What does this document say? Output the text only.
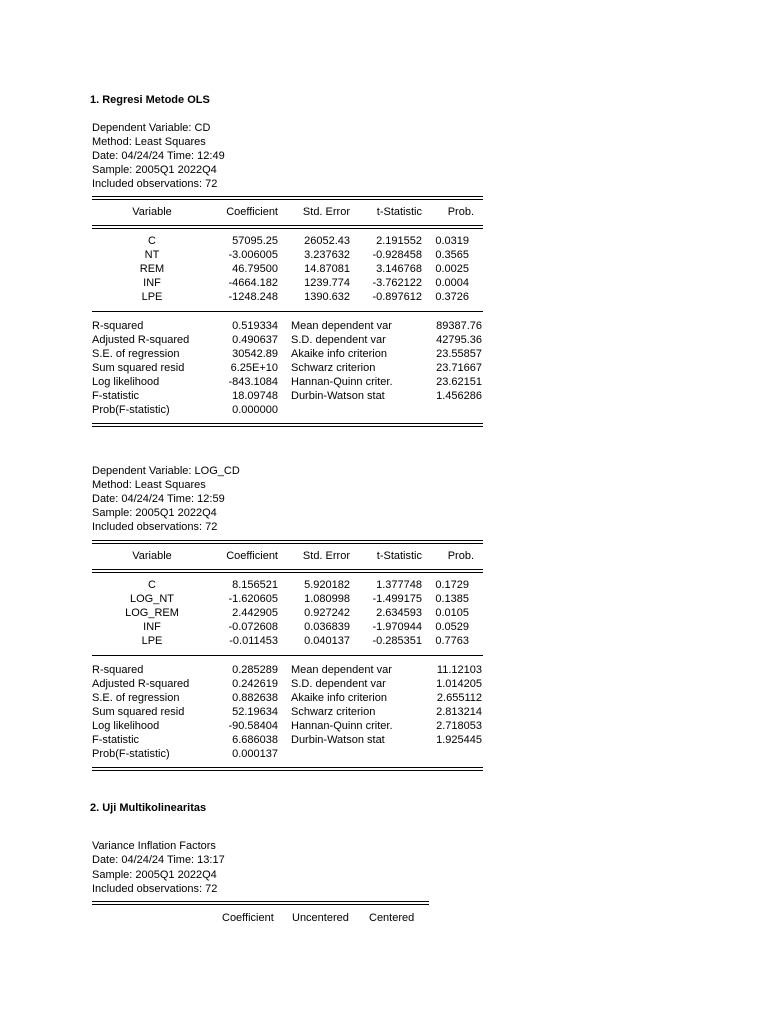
1. Regresi Metode OLS
Dependent Variable: CD
Method: Least Squares
Date: 04/24/24 Time: 12:49
Sample: 2005Q1 2022Q4
Included observations: 72
Variable	Coefficient Std. Error t-Statistic Prob.
C	57095.25 26052.43 2.191552 0.0319
NT	-3.006005 3.237632 -0.928458 0.3565
REM	46.79500 14.87081 3.146768 0.0025
INF	-4664.182 1239.774 -3.762122 0.0004
LPE	-1248.248 1390.632 -0.897612 0.3726
R-squared	0.519334 Mean dependent var	89387.76
Adjusted R-squared	0.490637 S.D. dependent var	42795.36
S.E. of regression	30542.89 Akaike info criterion	23.55857
Sum squared resid	6.25E+10 Schwarz criterion	23.71667
Log likelihood	-843.1084 Hannan-Quinn criter.	23.62151
F-statistic	18.09748 Durbin-Watson stat	1.456286
Prob(F-statistic)	0.000000
Dependent Variable: LOG_CD
Method: Least Squares
Date: 04/24/24 Time: 12:59
Sample: 2005Q1 2022Q4
Included observations: 72
Variable	Coefficient Std. Error t-Statistic Prob.
C	8.156521 5.920182 1.377748 0.1729
LOG_NT	-1.620605 1.080998 -1.499175 0.1385
LOG_REM	2.442905 0.927242 2.634593 0.0105
INF	-0.072608 0.036839 -1.970944 0.0529
LPE	-0.011453 0.040137 -0.285351 0.7763
R-squared	0.285289 Mean dependent var	11.12103
Adjusted R-squared	0.242619 S.D. dependent var	1.014205
S.E. of regression	0.882638 Akaike info criterion	2.655112
Sum squared resid	52.19634 Schwarz criterion	2.813214
Log likelihood	-90.58404 Hannan-Quinn criter.	2.718053
F-statistic	6.686038 Durbin-Watson stat	1.925445
Prob(F-statistic)	0.000137
2. Uji Multikolinearitas
Variance Inflation Factors
Date: 04/24/24 Time: 13:17
Sample: 2005Q1 2022Q4
Included observations: 72
Coefficient Uncentered Centered
